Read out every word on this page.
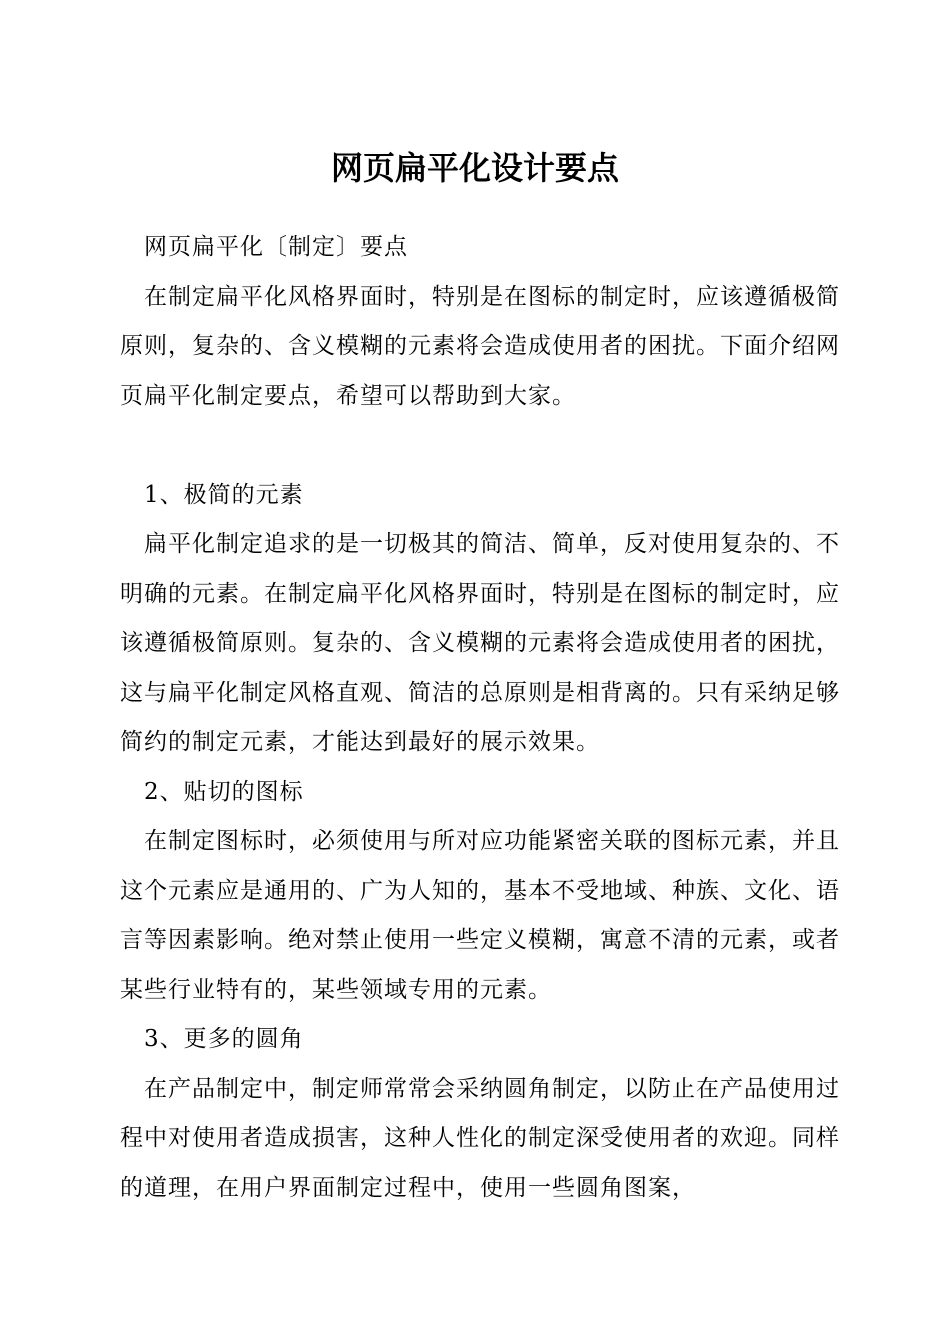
网页扁平化设计要点

网页扁平化〔制定〕要点

在制定扁平化风格界面时，特别是在图标的制定时，应该遵循极简原则，复杂的、含义模糊的元素将会造成使用者的困扰。下面介绍网页扁平化制定要点，希望可以帮助到大家。

1、极简的元素

扁平化制定追求的是一切极其的简洁、简单，反对使用复杂的、不明确的元素。在制定扁平化风格界面时，特别是在图标的制定时，应该遵循极简原则。复杂的、含义模糊的元素将会造成使用者的困扰，这与扁平化制定风格直观、简洁的总原则是相背离的。只有采纳足够简约的制定元素，才能达到最好的展示效果。

2、贴切的图标

在制定图标时，必须使用与所对应功能紧密关联的图标元素，并且这个元素应是通用的、广为人知的，基本不受地域、种族、文化、语言等因素影响。绝对禁止使用一些定义模糊，寓意不清的元素，或者某些行业特有的，某些领域专用的元素。

3、更多的圆角

在产品制定中，制定师常常会采纳圆角制定，以防止在产品使用过程中对使用者造成损害，这种人性化的制定深受使用者的欢迎。同样的道理，在用户界面制定过程中，使用一些圆角图案，
